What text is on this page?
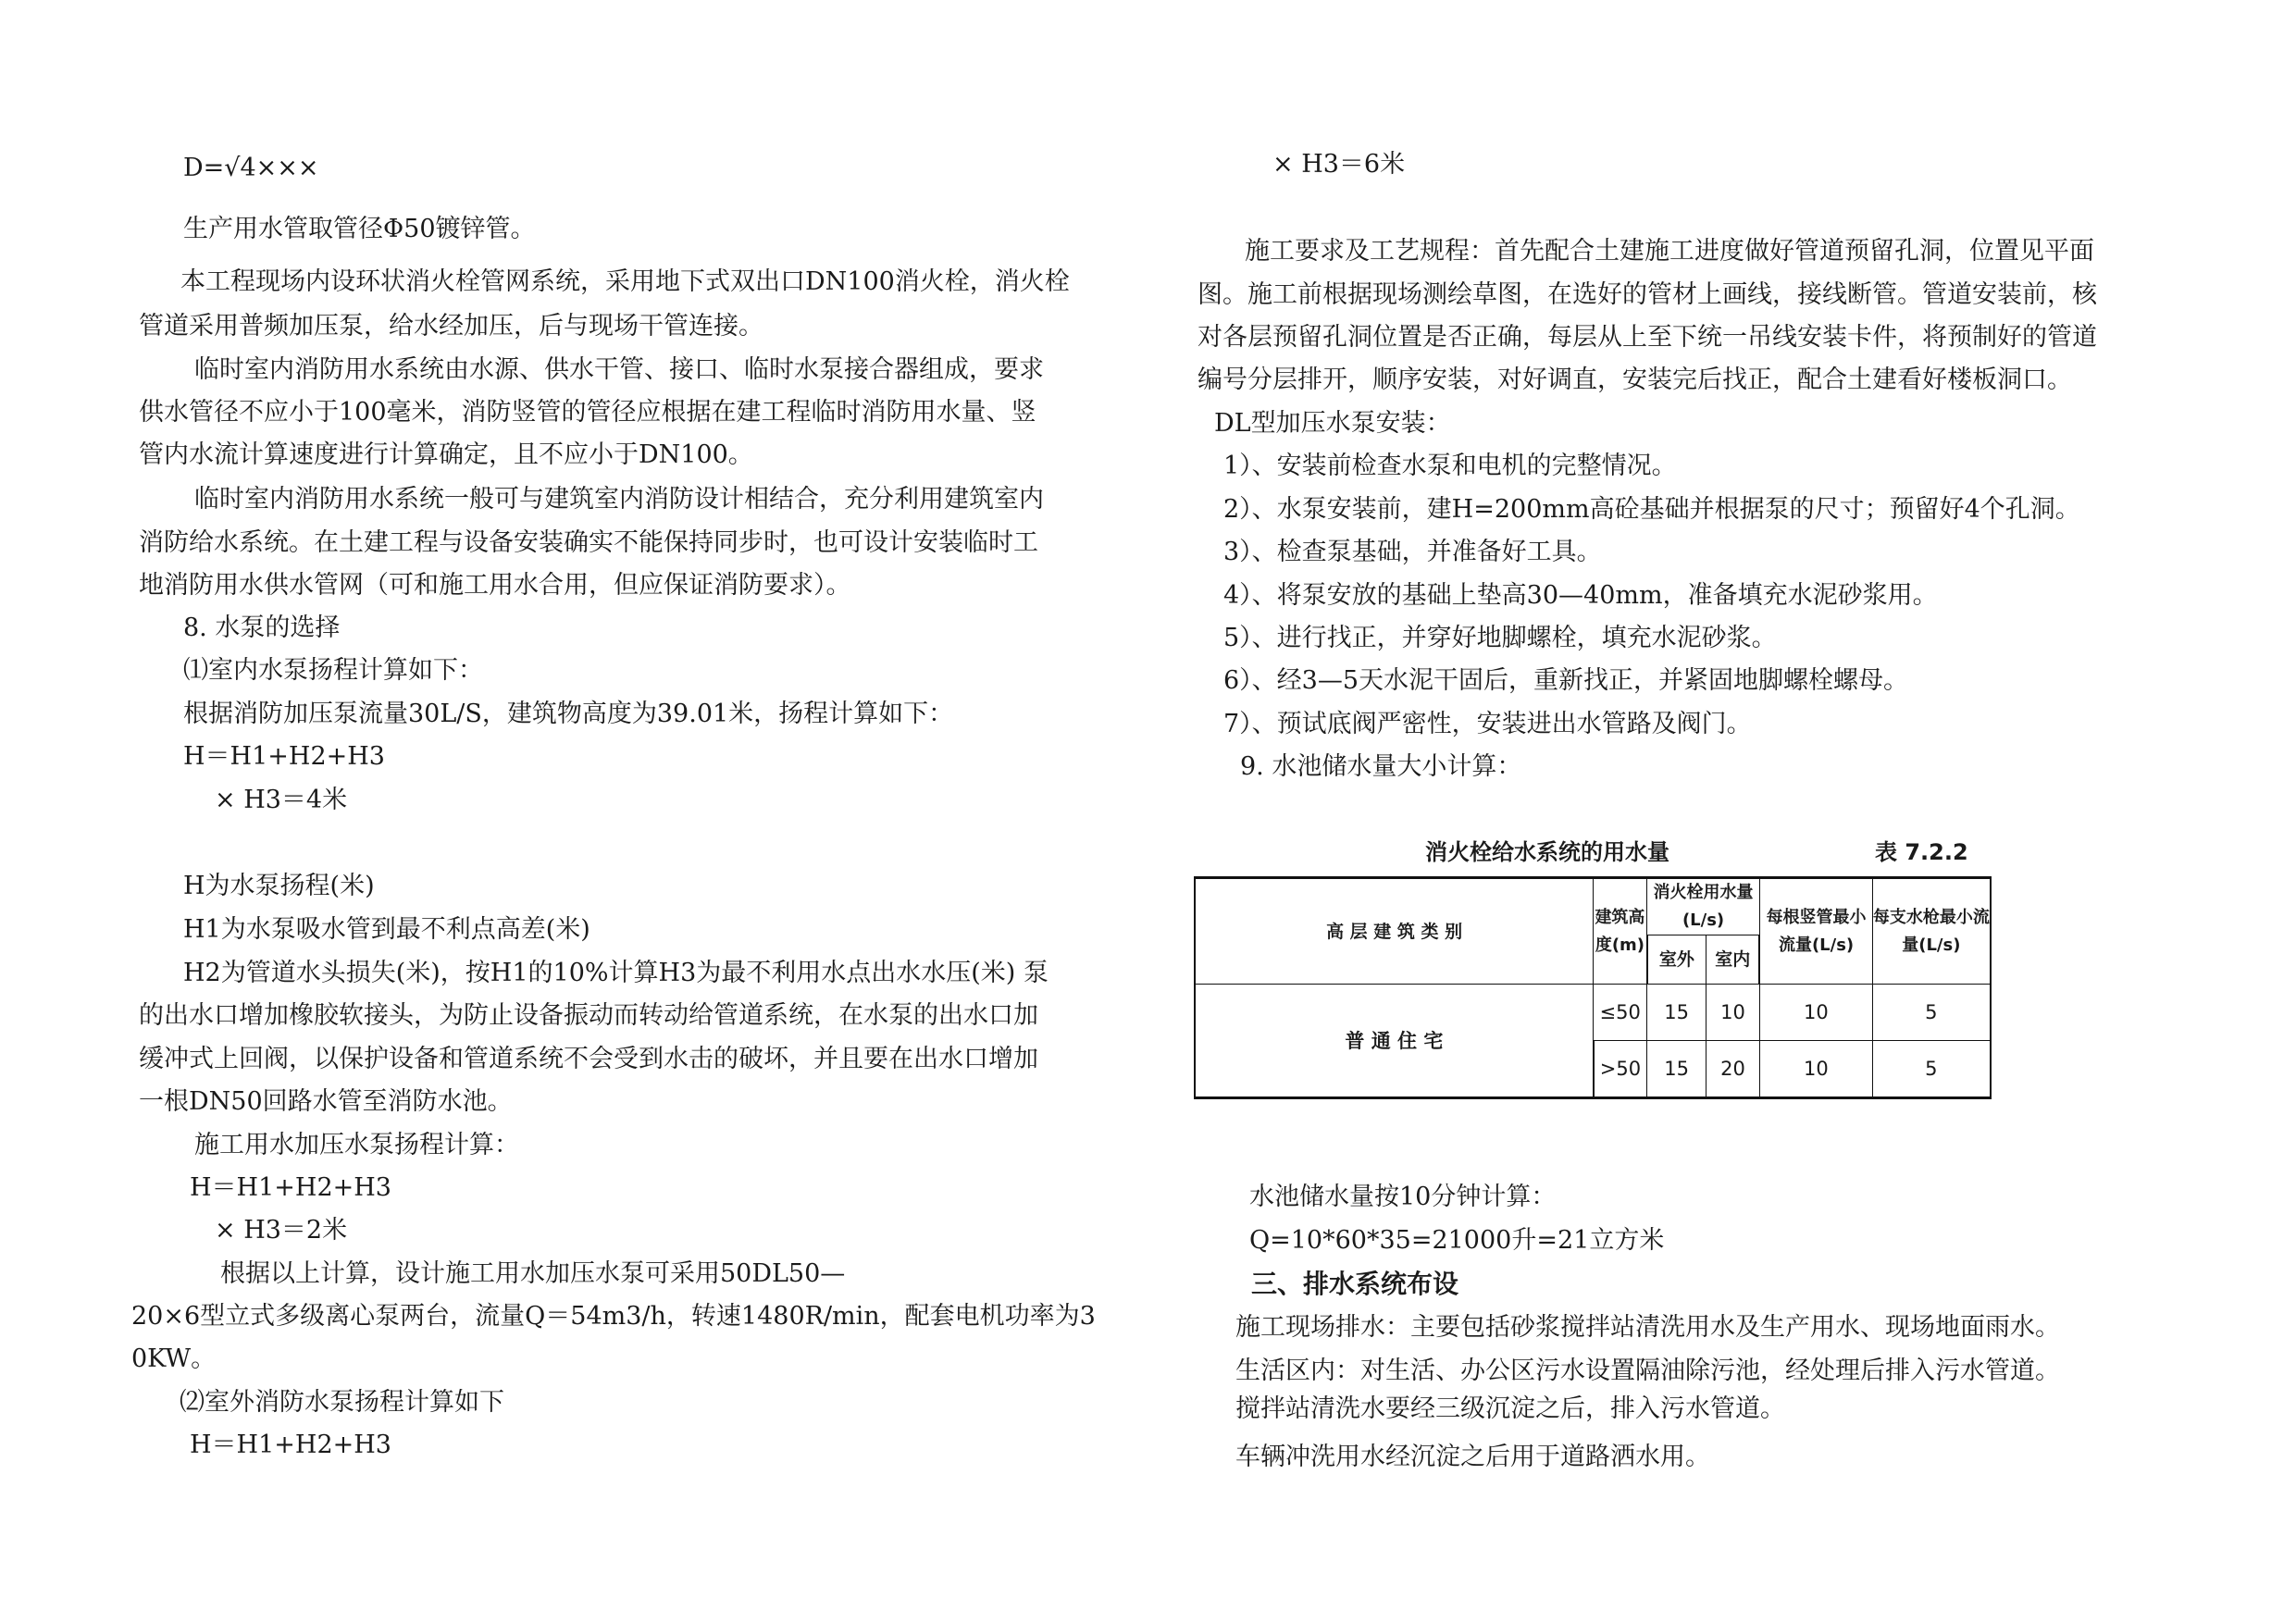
D=√4×××
生产用水管取管径Φ50镀锌管。
本工程现场内设环状消火栓管网系统，采用地下式双出口DN100消火栓，消火栓
管道采用普频加压泵，给水经加压，后与现场干管连接。
临时室内消防用水系统由水源、供水干管、接口、临时水泵接合器组成，要求
供水管径不应小于100毫米，消防竖管的管径应根据在建工程临时消防用水量、竖
管内水流计算速度进行计算确定，且不应小于DN100。
临时室内消防用水系统一般可与建筑室内消防设计相结合，充分利用建筑室内
消防给水系统。在土建工程与设备安装确实不能保持同步时，也可设计安装临时工
地消防用水供水管网（可和施工用水合用，但应保证消防要求）。
8. 水泵的选择
⑴室内水泵扬程计算如下：
根据消防加压泵流量30L/S，建筑物高度为39.01米，扬程计算如下：
H＝H1+H2+H3
× H3＝4米
H为水泵扬程(米)
H1为水泵吸水管到最不利点高差(米)
H2为管道水头损失(米)，按H1的10%计算H3为最不利用水点出水水压(米) 泵
的出水口增加橡胶软接头，为防止设备振动而转动给管道系统，在水泵的出水口加
缓冲式上回阀，以保护设备和管道系统不会受到水击的破坏，并且要在出水口增加
一根DN50回路水管至消防水池。
施工用水加压水泵扬程计算：
H＝H1+H2+H3
× H3＝2米
根据以上计算，设计施工用水加压水泵可采用50DL50—
20×6型立式多级离心泵两台，流量Q＝54m3/h，转速1480R/min，配套电机功率为3
0KW。
⑵室外消防水泵扬程计算如下
H＝H1+H2+H3
× H3＝6米
施工要求及工艺规程：首先配合土建施工进度做好管道预留孔洞，位置见平面
图。施工前根据现场测绘草图，在选好的管材上画线，接线断管。管道安装前，核
对各层预留孔洞位置是否正确，每层从上至下统一吊线安装卡件，将预制好的管道
编号分层排开，顺序安装，对好调直，安装完后找正，配合土建看好楼板洞口。
DL型加压水泵安装：
1）、安装前检查水泵和电机的完整情况。
2）、水泵安装前，建H=200mm高砼基础并根据泵的尺寸；预留好4个孔洞。
3）、检查泵基础，并准备好工具。
4）、将泵安放的基础上垫高30—40mm，准备填充水泥砂浆用。
5）、进行找正，并穿好地脚螺栓，填充水泥砂浆。
6）、经3—5天水泥干固后，重新找正，并紧固地脚螺栓螺母。
7）、预试底阀严密性，安装进出水管路及阀门。
9. 水池储水量大小计算：
消火栓给水系统的用水量	表 7.2.2
高 层 建 筑 类 别	建筑高度(m)	消火栓用水量(L/s)		每根竖管最小流量(L/s)	每支水枪最小流 量(L/s)
		室外	室内		
普 通 住 宅	≤50	15	10	10	5
	>50	15	20	10	5
水池储水量按10分钟计算：
Q=10*60*35=21000升=21立方米
三、排水系统布设
施工现场排水：主要包括砂浆搅拌站清洗用水及生产用水、现场地面雨水。
生活区内：对生活、办公区污水设置隔油除污池，经处理后排入污水管道。
搅拌站清洗水要经三级沉淀之后，排入污水管道。
车辆冲洗用水经沉淀之后用于道路洒水用。
